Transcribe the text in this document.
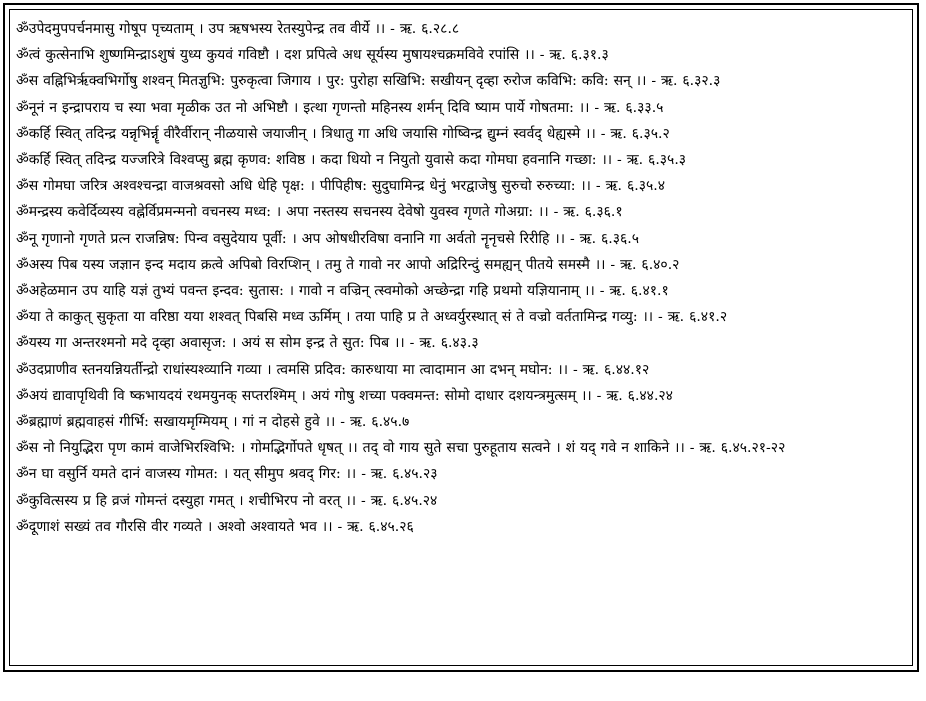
ॐउपेदमुपपर्चनमासु गोषूप पृच्यताम् । उप ऋषभस्य रेतस्युपेन्द्र तव वीर्ये ।। - ऋ. ६.२८.८
ॐत्वं कुत्सेनाभि शुष्णमिन्द्राऽशुषं युध्य कुयवं गविष्टौ । दश प्रपित्वे अध सूर्यस्य मुषायश्चक्रमविवे रपांसि ।। - ऋ. ६.३१.३
ॐस वह्निभिर्ऋक्वभिर्गोषु शश्वन् मितज्ञुभि: पुरुकृत्वा जिगाय । पुर: पुरोहा सखिभि: सखीयन् दृव्हा रुरोज कविभि: कवि: सन् ।। - ऋ. ६.३२.३
ॐनूनं न इन्द्रापराय च स्या भवा मृळीक उत नो अभिष्टौ । इत्था गृणन्तो महिनस्य शर्मन् दिवि ष्याम पार्ये गोषतमा: ।। - ऋ. ६.३३.५
ॐकर्हि स्वित् तदिन्द्र यन्नृभिर्न्नॄ वीरैर्वीरान् नीळयासे जयाजीन् । त्रिधातु गा अधि जयासि गोष्विन्द्र द्युम्नं स्वर्वद् धेह्यस्मे ।। - ऋ. ६.३५.२
ॐकर्हि स्वित् तदिन्द्र यज्जरित्रे विश्वप्सु ब्रह्म कृणव: शविष्ठ । कदा धियो न नियुतो युवासे कदा गोमघा हवनानि गच्छा: ।। - ऋ. ६.३५.३
ॐस गोमघा जरित्र अश्वश्चन्द्रा वाजश्रवसो अधि धेहि पृक्ष: । पीपिहीष: सुदुघामिन्द्र धेनुं भरद्वाजेषु सुरुचो रुरुच्या: ।। - ऋ. ६.३५.४
ॐमन्द्रस्य कवेर्दिव्यस्य वह्नेर्विप्रमन्मनो वचनस्य मध्व: । अपा नस्तस्य सचनस्य देवेषो युवस्व गृणते गोअग्रा: ।। - ऋ. ६.३६.१
ॐनू गृणानो गृणते प्रत्न राजन्निष: पिन्व वसुदेयाय पूर्वी: । अप ओषधीरविषा वनानि गा अर्वतो नॄनृचसे रिरीहि ।। - ऋ. ६.३६.५
ॐअस्य पिब यस्य जज्ञान इन्द मदाय क्रत्वे अपिबो विरप्शिन् । तमु ते गावो नर आपो अद्रिरिन्दुं समह्यन् पीतये समस्मै ।। - ऋ. ६.४०.२
ॐअहेळमान उप याहि यज्ञं तुभ्यं पवन्त इन्दव: सुतास: । गावो न वज्रिन् त्स्वमोको अच्छेन्द्रा गहि प्रथमो यज्ञियानाम् ।। - ऋ. ६.४१.१
ॐया ते काकुत् सुकृता या वरिष्ठा यया शश्वत् पिबसि मध्व ऊर्मिम् । तया पाहि प्र ते अध्वर्युरस्थात् सं ते वज्रो वर्ततामिन्द्र गव्यु: ।। - ऋ. ६.४१.२
ॐयस्य गा अन्तरश्मनो मदे दृव्हा अवासृज: । अयं स सोम इन्द्र ते सुत: पिब ।। - ऋ. ६.४३.३
ॐउदप्राणीव स्तनयन्नियर्तीन्द्रो राधांस्यश्व्यानि गव्या । त्वमसि प्रदिव: कारुधाया मा त्वादामान आ दभन् मघोन: ।। - ऋ. ६.४४.१२
ॐअयं द्यावापृथिवी वि ष्कभायदयं रथमयुनक् सप्तरश्मिम् । अयं गोषु शच्या पक्वमन्त: सोमो दाधार दशयन्त्रमुत्सम् ।। - ऋ. ६.४४.२४
ॐब्रह्माणं ब्रह्मवाहसं गीर्भि: सखायमृग्मियम् । गां न दोहसे हुवे ।। - ऋ. ६.४५.७
ॐस नो नियुद्भिरा पृण कामं वाजेभिरश्विभि: । गोमद्भिर्गोपते धृषत् ।। तद् वो गाय सुते सचा पुरुहूताय सत्वने । शं यद् गवे न शाकिने ।। - ऋ. ६.४५.२१-२२
ॐन घा वसुर्नि यमते दानं वाजस्य गोमत: । यत् सीमुप श्रवद् गिर: ।। - ऋ. ६.४५.२३
ॐकुवित्सस्य प्र हि व्रजं गोमन्तं दस्युहा गमत् । शचीभिरप नो वरत् ।। - ऋ. ६.४५.२४
ॐदूणाशं सख्यं तव गौरसि वीर गव्यते । अश्वो अश्वायते भव ।। - ऋ. ६.४५.२६
